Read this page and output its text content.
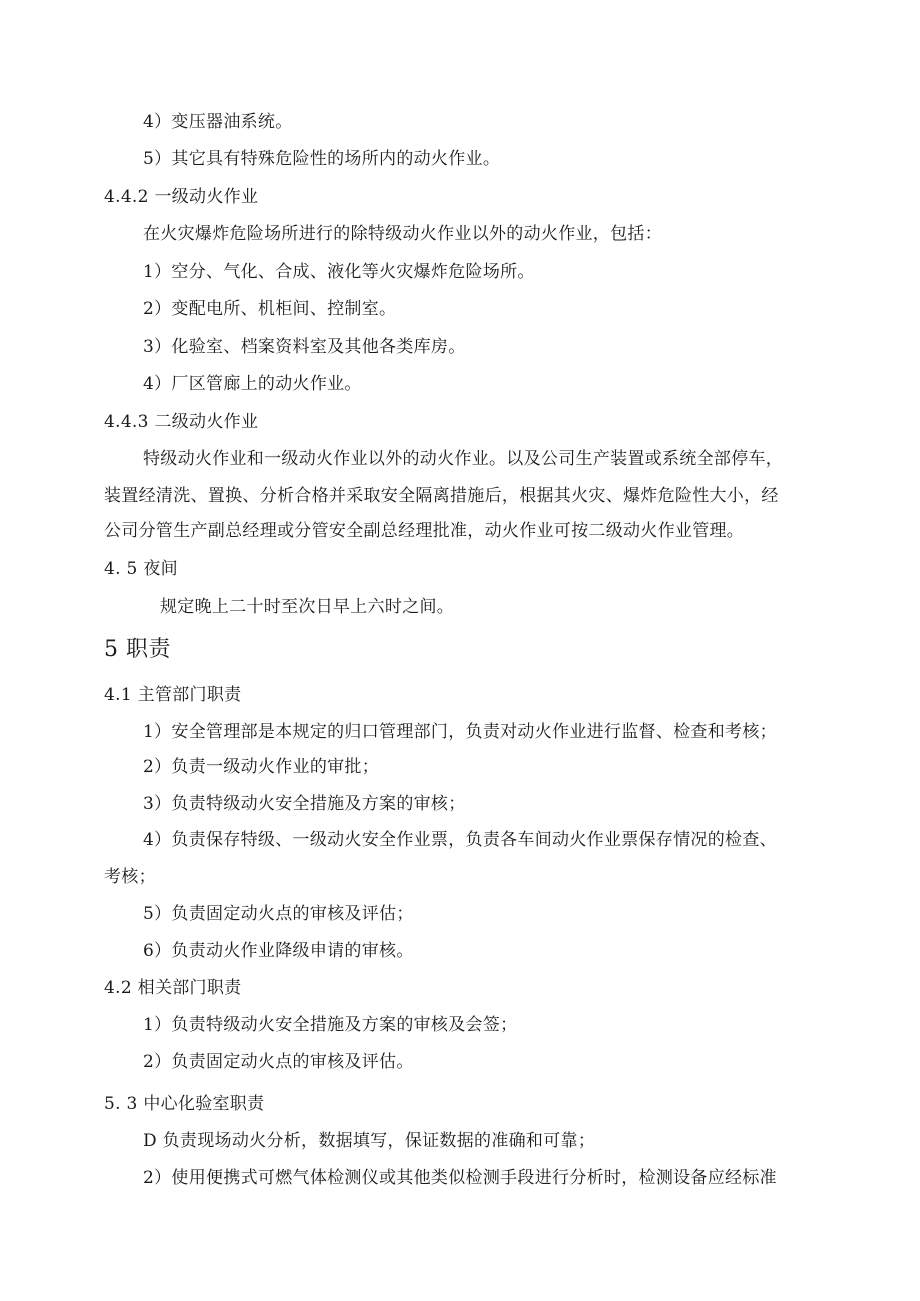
4）变压器油系统。
5）其它具有特殊危险性的场所内的动火作业。
4.4.2 一级动火作业
在火灾爆炸危险场所进行的除特级动火作业以外的动火作业，包括：
1）空分、气化、合成、液化等火灾爆炸危险场所。
2）变配电所、机柜间、控制室。
3）化验室、档案资料室及其他各类库房。
4）厂区管廊上的动火作业。
4.4.3 二级动火作业
特级动火作业和一级动火作业以外的动火作业。以及公司生产装置或系统全部停车，
装置经清洗、置换、分析合格并采取安全隔离措施后，根据其火灾、爆炸危险性大小，经
公司分管生产副总经理或分管安全副总经理批准，动火作业可按二级动火作业管理。
4. 5 夜间
规定晚上二十时至次日早上六时之间。
5 职责
4.1 主管部门职责
1）安全管理部是本规定的归口管理部门，负责对动火作业进行监督、检查和考核；
2）负责一级动火作业的审批；
3）负责特级动火安全措施及方案的审核；
4）负责保存特级、一级动火安全作业票，负责各车间动火作业票保存情况的检查、
考核；
5）负责固定动火点的审核及评估；
6）负责动火作业降级申请的审核。
4.2 相关部门职责
1）负责特级动火安全措施及方案的审核及会签；
2）负责固定动火点的审核及评估。
5. 3 中心化验室职责
D 负责现场动火分析，数据填写，保证数据的准确和可靠；
2）使用便携式可燃气体检测仪或其他类似检测手段进行分析时，检测设备应经标准
